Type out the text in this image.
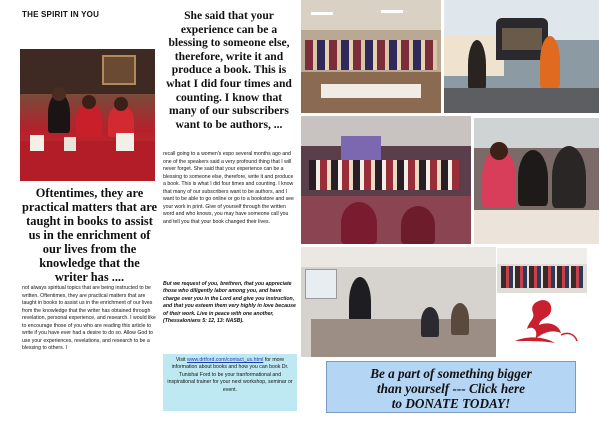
THE SPIRIT IN YOU
Oftentimes, they are practical matters that are taught in books to assist us in the enrichment of our lives from the knowledge that the writer has ....
not always spiritual topics that are being instructed to be written. Oftentimes, they are practical matters that are taught in books to assist us in the enrichment of our lives from the knowledge that the writer has obtained through revelation, personal experience, and research. I would like to encourage those of you who are reading this article to write if you have ever had a desire to do so. Allow God to use your experiences, revelations, and research to be a blessing to others. I
She said that your experience can be a blessing to someone else, therefore, write it and produce a book. This is what I did four times and counting. I know that many of our subscribers want to be authors, ...
recall going to a women's expo several months ago and one of the speakers said a very profound thing that I will never forget. She said that your experience can be a blessing to someone else, therefore, write it and produce a book. This is what I did four times and counting. I know that many of our subscribers want to be authors, and I want to be able to go online or go to a bookstore and see your work in print. Give of yourself through the written word and who knows, you may have someone call you and tell you that your book changed their lives.
But we request of you, brethren, that you appreciate those who diligently labor among you, and have charge over you in the Lord and give you instruction, and that you esteem them very highly in love because of their work. Live in peace with one another, (Thessalonians 5: 12, 13: NASB).
Visit www.drtford.com/contact_us.html for more information about books and how you can book Dr. Tunishai Ford to be your tranformational and inspirational trainer for your next workshop, seminar or event.
Be a part of something bigger
than yourself --- Click here
to DONATE TODAY!
